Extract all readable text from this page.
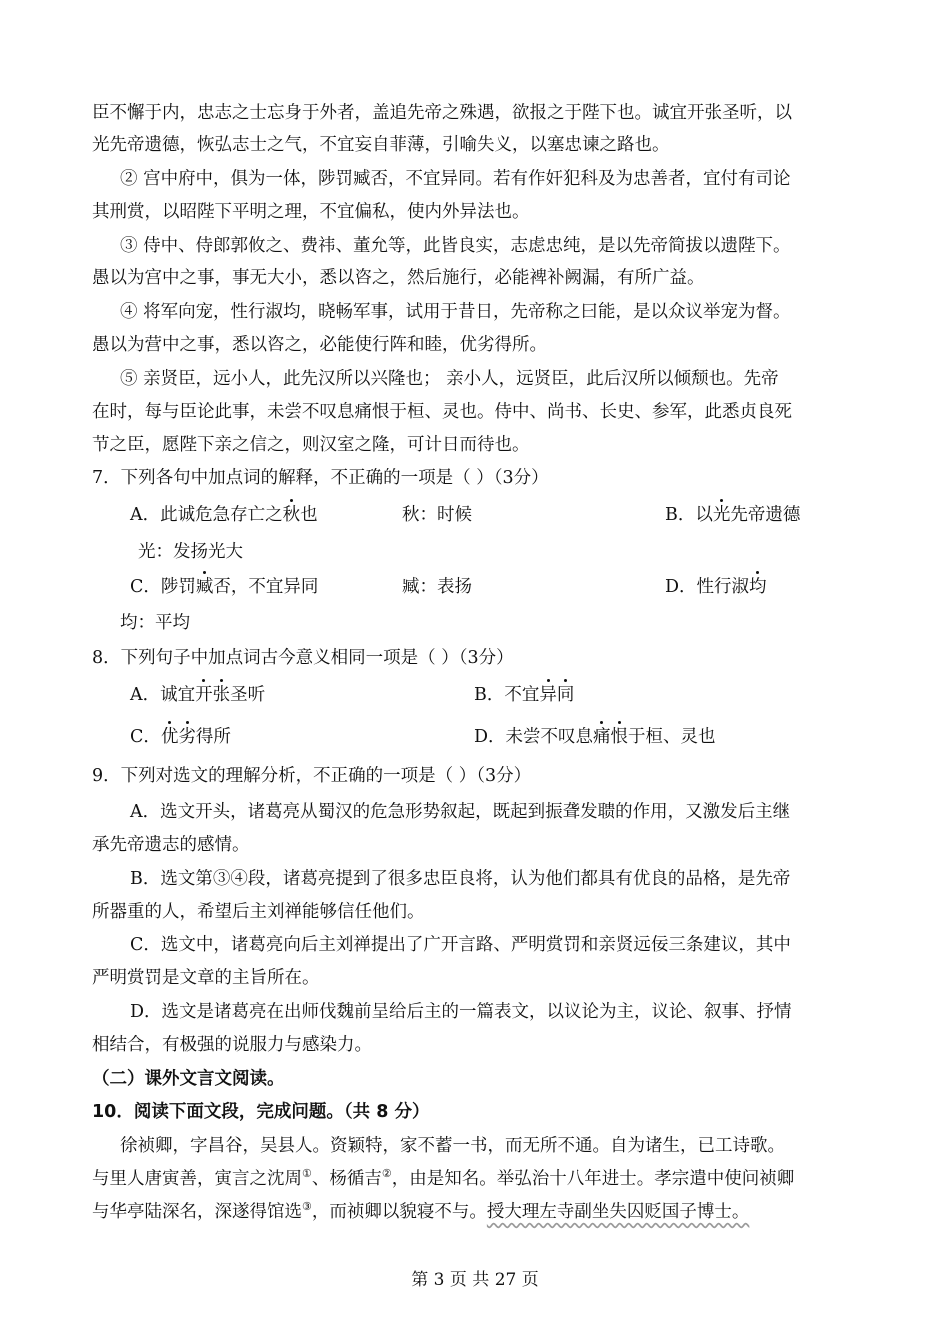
臣不懈于内，忠志之士忘身于外者，盖追先帝之殊遇，欲报之于陛下也。诚宜开张圣听，以
光先帝遗德，恢弘志士之气，不宜妄自菲薄，引喻失义，以塞忠谏之路也。
② 宫中府中，俱为一体，陟罚臧否，不宜异同。若有作奸犯科及为忠善者，宜付有司论
其刑赏，以昭陛下平明之理，不宜偏私，使内外异法也。
③ 侍中、侍郎郭攸之、费祎、董允等，此皆良实，志虑忠纯，是以先帝简拔以遗陛下。
愚以为宫中之事，事无大小，悉以咨之，然后施行，必能裨补阙漏，有所广益。
④ 将军向宠，性行淑均，晓畅军事，试用于昔日，先帝称之曰能，是以众议举宠为督。
愚以为营中之事，悉以咨之，必能使行阵和睦，优劣得所。
⑤ 亲贤臣，远小人，此先汉所以兴隆也； 亲小人，远贤臣，此后汉所以倾颓也。先帝
在时，每与臣论此事，未尝不叹息痛恨于桓、灵也。侍中、尚书、长史、参军，此悉贞良死
节之臣，愿陛下亲之信之，则汉室之隆，可计日而待也。
7．下列各句中加点词的解释，不正确的一项是（ ）（3分）
A．此诚危急存亡之秋也	秋：时候	B．以光先帝遗德
光：发扬光大
C．陟罚臧否，不宜异同	臧：表扬	D．性行淑均
均：平均
8．下列句子中加点词古今意义相同一项是（ ）（3分）
A．诚宜开张圣听	B．不宜异同
C．优劣得所	D．未尝不叹息痛恨于桓、灵也
9．下列对选文的理解分析，不正确的一项是（ ）（3分）
A．选文开头，诸葛亮从蜀汉的危急形势叙起，既起到振聋发聩的作用，又激发后主继
承先帝遗志的感情。
B．选文第③④段，诸葛亮提到了很多忠臣良将，认为他们都具有优良的品格，是先帝
所器重的人，希望后主刘禅能够信任他们。
C．选文中，诸葛亮向后主刘禅提出了广开言路、严明赏罚和亲贤远佞三条建议，其中
严明赏罚是文章的主旨所在。
D．选文是诸葛亮在出师伐魏前呈给后主的一篇表文，以议论为主，议论、叙事、抒情
相结合，有极强的说服力与感染力。
（二）课外文言文阅读。
10．阅读下面文段，完成问题。（共 8 分）
徐祯卿，字昌谷，吴县人。资颖特，家不蓄一书，而无所不通。自为诸生，已工诗歌。
与里人唐寅善，寅言之沈周①、杨循吉②，由是知名。举弘治十八年进士。孝宗遣中使问祯卿
与华亭陆深名，深遂得馆选③，而祯卿以貌寝不与。授大理左寺副坐失囚贬国子博士。
第 3 页 共 27 页
